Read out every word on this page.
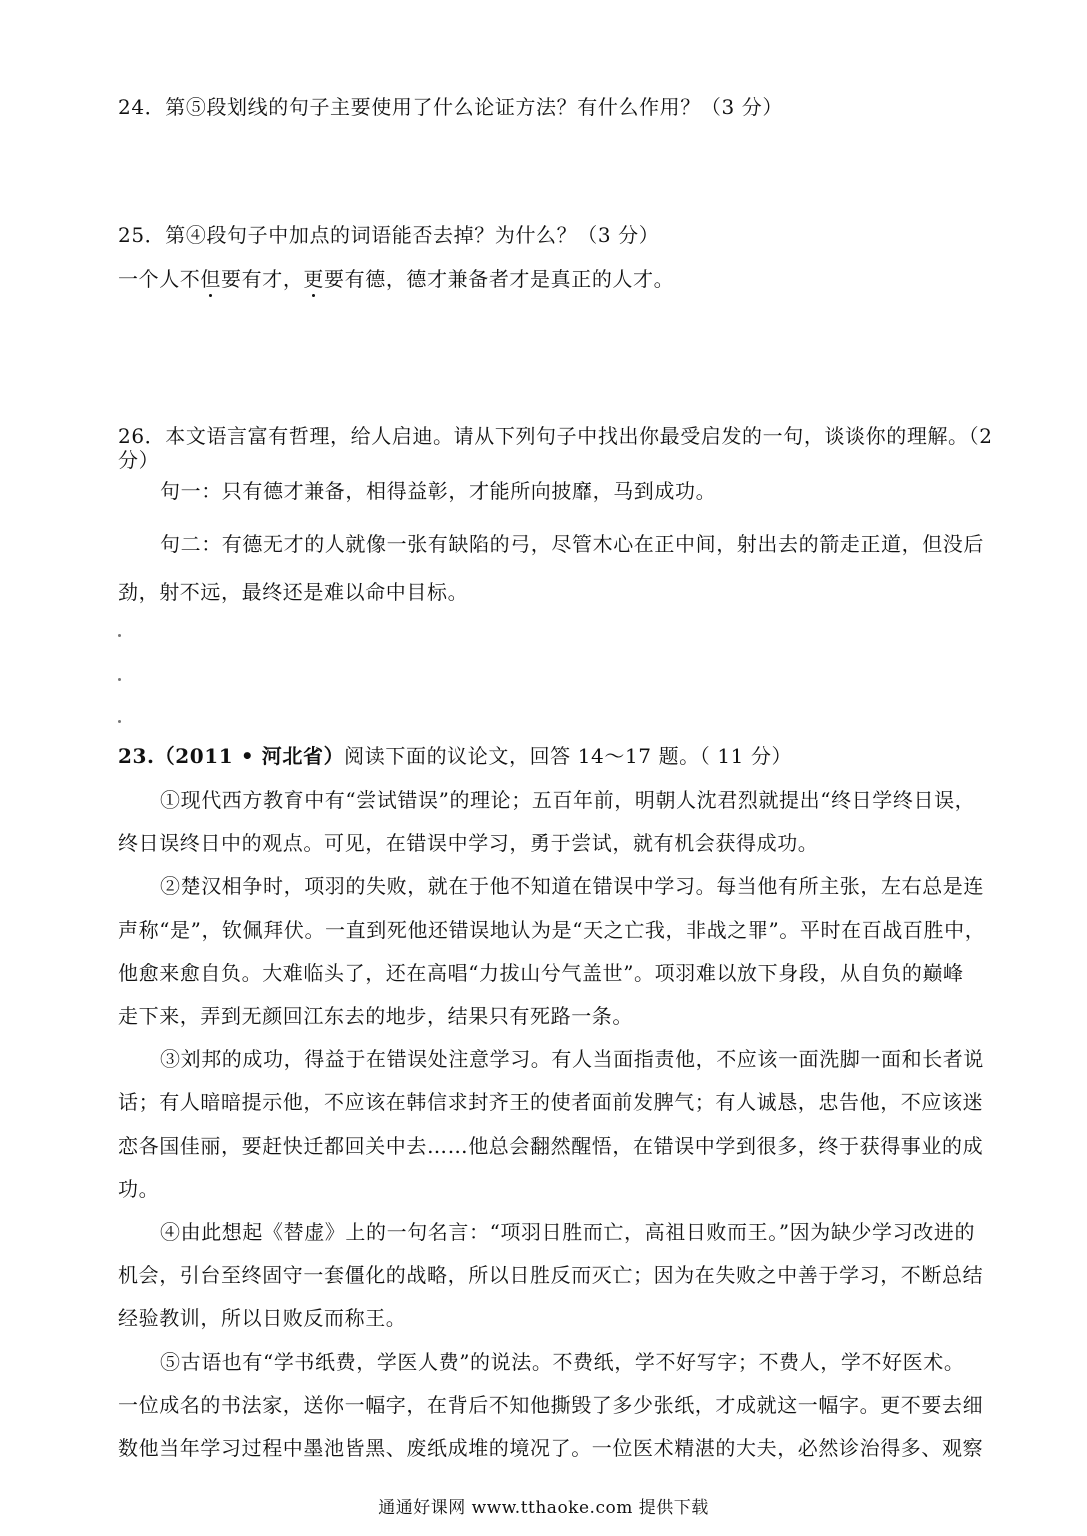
24．第⑤段划线的句子主要使用了什么论证方法？有什么作用？（3 分）
25．第④段句子中加点的词语能否去掉？为什么？（3 分）
一个人不但要有才，更要有德，德才兼备者才是真正的人才。
26．本文语言富有哲理，给人启迪。请从下列句子中找出你最受启发的一句，谈谈你的理解。（2
分）
句一：只有德才兼备，相得益彰，才能所向披靡，马到成功。
句二：有德无才的人就像一张有缺陷的弓，尽管木心在正中间，射出去的箭走正道，但没后
劲，射不远，最终还是难以命中目标。
23.（2011 • 河北省）阅读下面的议论文，回答 14～17 题。（ 11 分）
①现代西方教育中有“尝试错误”的理论；五百年前，明朝人沈君烈就提出“终日学终日误，
终日误终日中的观点。可见，在错误中学习，勇于尝试，就有机会获得成功。
②楚汉相争时，项羽的失败，就在于他不知道在错误中学习。每当他有所主张，左右总是连
声称“是”，钦佩拜伏。一直到死他还错误地认为是“天之亡我，非战之罪”。平时在百战百胜中，
他愈来愈自负。大难临头了，还在高唱“力拔山兮气盖世”。项羽难以放下身段，从自负的巅峰
走下来，弄到无颜回江东去的地步，结果只有死路一条。
③刘邦的成功，得益于在错误处注意学习。有人当面指责他，不应该一面洗脚一面和长者说
话；有人暗暗提示他，不应该在韩信求封齐王的使者面前发脾气；有人诚恳，忠告他，不应该迷
恋各国佳丽，要赶快迁都回关中去……他总会翻然醒悟，在错误中学到很多，终于获得事业的成
功。
④由此想起《替虚》上的一句名言：“项羽日胜而亡，高祖日败而王。”因为缺少学习改进的
机会，引台至终固守一套僵化的战略，所以日胜反而灭亡；因为在失败之中善于学习，不断总结
经验教训，所以日败反而称王。
⑤古语也有“学书纸费，学医人费”的说法。不费纸，学不好写字；不费人，学不好医术。
一位成名的书法家，送你一幅字，在背后不知他撕毁了多少张纸，才成就这一幅字。更不要去细
数他当年学习过程中墨池皆黑、废纸成堆的境况了。一位医术精湛的大夫，必然诊治得多、观察
通通好课网 www.tthaoke.com 提供下载
